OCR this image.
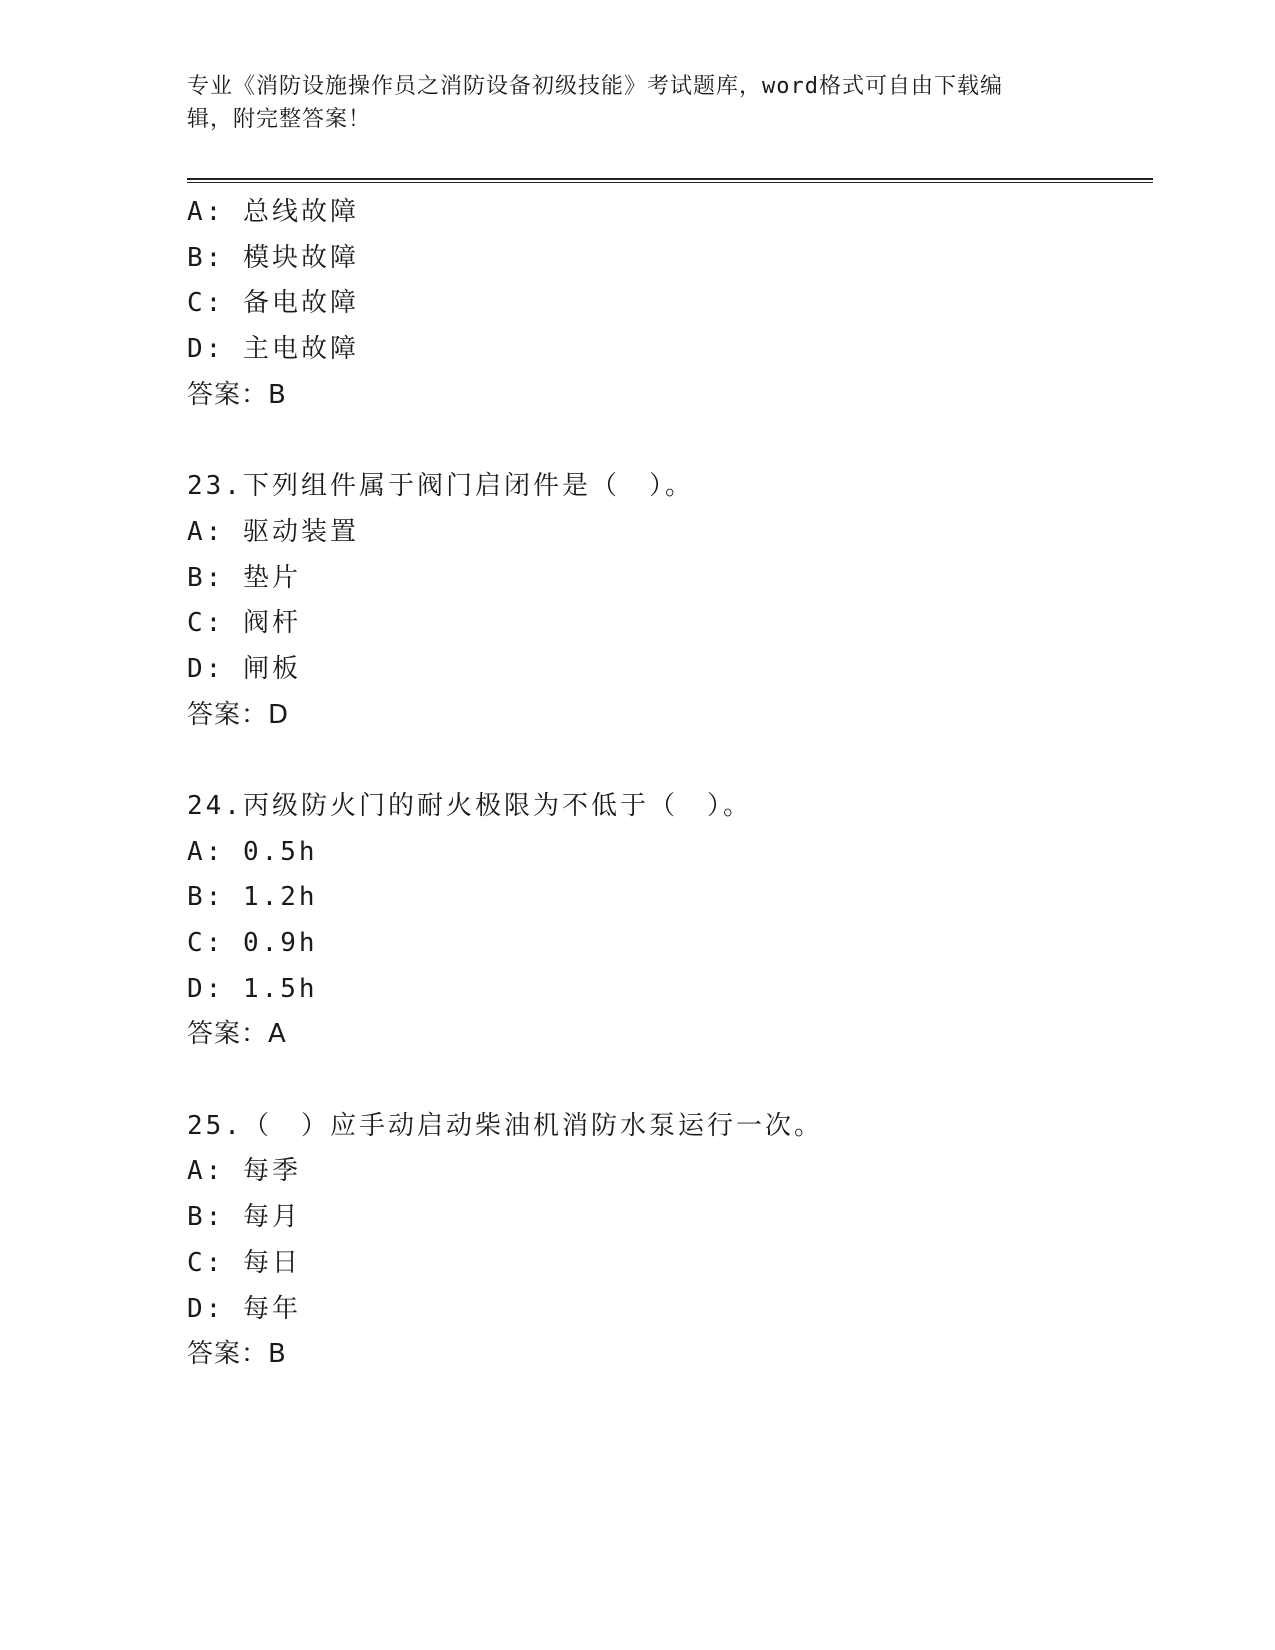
专业《消防设施操作员之消防设备初级技能》考试题库，word格式可自由下载编
辑，附完整答案！
A: 总线故障
B: 模块故障
C: 备电故障
D: 主电故障
答案：B
23.下列组件属于阀门启闭件是（　）。
A: 驱动装置
B: 垫片
C: 阀杆
D: 闸板
答案：D
24.丙级防火门的耐火极限为不低于（　）。
A: 0.5h
B: 1.2h
C: 0.9h
D: 1.5h
答案：A
25.（　）应手动启动柴油机消防水泵运行一次。
A: 每季
B: 每月
C: 每日
D: 每年
答案：B
